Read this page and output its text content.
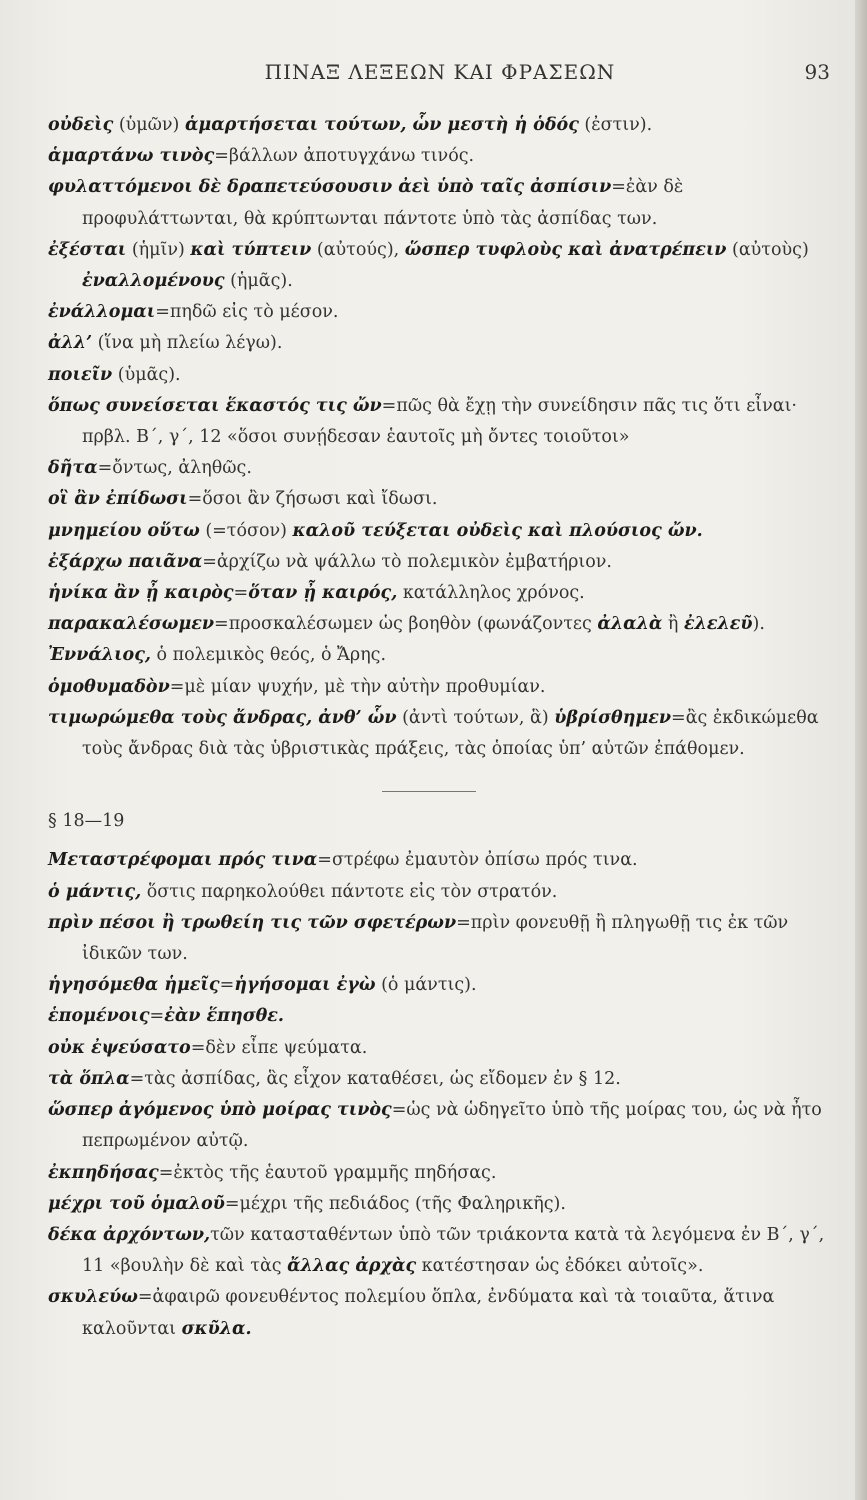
ΠΙΝΑΞ ΛΕΞΕΩΝ ΚΑΙ ΦΡΑΣΕΩΝ	93

οὐδεὶς (ὑμῶν) ἁμαρτήσεται τούτων, ὧν μεστὴ ἡ ὁδός (ἐστιν).

ἁμαρτάνω τινὸς=βάλλων ἀποτυγχάνω τινός.

φυλαττόμενοι δὲ δραπετεύσουσιν ἀεὶ ὑπὸ ταῖς ἀσπίσιν=ἐὰν δὲ προφυλάττωνται, θὰ κρύπτωνται πάντοτε ὑπὸ τὰς ἀσπίδας των.

ἐξέσται (ἡμῖν) καὶ τύπτειν (αὐτούς), ὥσπερ τυφλοὺς καὶ ἀνατρέπειν (αὐτοὺς) ἐναλλομένους (ἡμᾶς).

ἐνάλλομαι=πηδῶ εἰς τὸ μέσον.

ἀλλ’ (ἵνα μὴ πλείω λέγω).

ποιεῖν (ὑμᾶς).

ὅπως συνείσεται ἕκαστός τις ὤν=πῶς θὰ ἔχῃ τὴν συνείδησιν πᾶς τις ὅτι εἶναι· πρβλ. Β΄, γ΄, 12 «ὅσοι συνῄδεσαν ἑαυτοῖς μὴ ὄντες τοιοῦτοι»

δῆτα=ὄντως, ἀληθῶς.

οἳ ἂν ἐπίδωσι=ὅσοι ἂν ζήσωσι καὶ ἴδωσι.

μνημείου οὕτω (=τόσον) καλοῦ τεύξεται οὐδεὶς καὶ πλούσιος ὤν.

ἐξάρχω παιᾶνα=ἀρχίζω νὰ ψάλλω τὸ πολεμικὸν ἐμβατήριον.

ἡνίκα ἂν ᾖ καιρὸς=ὅταν ᾖ καιρός, κατάλληλος χρόνος.

παρακαλέσωμεν=προσκαλέσωμεν ὡς βοηθὸν (φωνάζοντες ἀλαλὰ ἢ ἐλελεῦ).

Ἐννάλιος, ὁ πολεμικὸς θεός, ὁ Ἄρης.

ὁμοθυμαδὸν=μὲ μίαν ψυχήν, μὲ τὴν αὐτὴν προθυμίαν.

τιμωρώμεθα τοὺς ἄνδρας, ἀνθ’ ὧν (ἀντὶ τούτων, ἃ) ὑβρίσθημεν=ἂς ἐκδικώμεθα τοὺς ἄνδρας διὰ τὰς ὑβριστικὰς πράξεις, τὰς ὁποίας ὑπ’ αὐτῶν ἐπάθομεν.

§ 18—19

Μεταστρέφομαι πρός τινα=στρέφω ἐμαυτὸν ὀπίσω πρός τινα.

ὁ μάντις, ὅστις παρηκολούθει πάντοτε εἰς τὸν στρατόν.

πρὶν πέσοι ἢ τρωθείη τις τῶν σφετέρων=πρὶν φονευθῇ ἢ πληγωθῇ τις ἐκ τῶν ἰδικῶν των.

ἡγησόμεθα ἡμεῖς=ἡγήσομαι ἐγὼ (ὁ μάντις).

ἑπομένοις=ἐὰν ἕπησθε.

οὐκ ἐψεύσατο=δὲν εἶπε ψεύματα.

τὰ ὅπλα=τὰς ἀσπίδας, ἃς εἶχον καταθέσει, ὡς εἴδομεν ἐν § 12.

ὥσπερ ἀγόμενος ὑπὸ μοίρας τινὸς=ὡς νὰ ὡδηγεῖτο ὑπὸ τῆς μοίρας του, ὡς νὰ ἦτο πεπρωμένον αὐτῷ.

ἐκπηδήσας=ἐκτὸς τῆς ἑαυτοῦ γραμμῆς πηδήσας.

μέχρι τοῦ ὁμαλοῦ=μέχρι τῆς πεδιάδος (τῆς Φαληρικῆς).

δέκα ἀρχόντων,τῶν κατασταθέντων ὑπὸ τῶν τριάκοντα κατὰ τὰ λεγόμενα ἐν Β΄, γ΄, 11 «βουλὴν δὲ καὶ τὰς ἄλλας ἀρχὰς κατέστησαν ὡς ἐδόκει αὐτοῖς».

σκυλεύω=ἀφαιρῶ φονευθέντος πολεμίου ὅπλα, ἐνδύματα καὶ τὰ τοιαῦτα, ἅτινα καλοῦνται σκῦλα.
